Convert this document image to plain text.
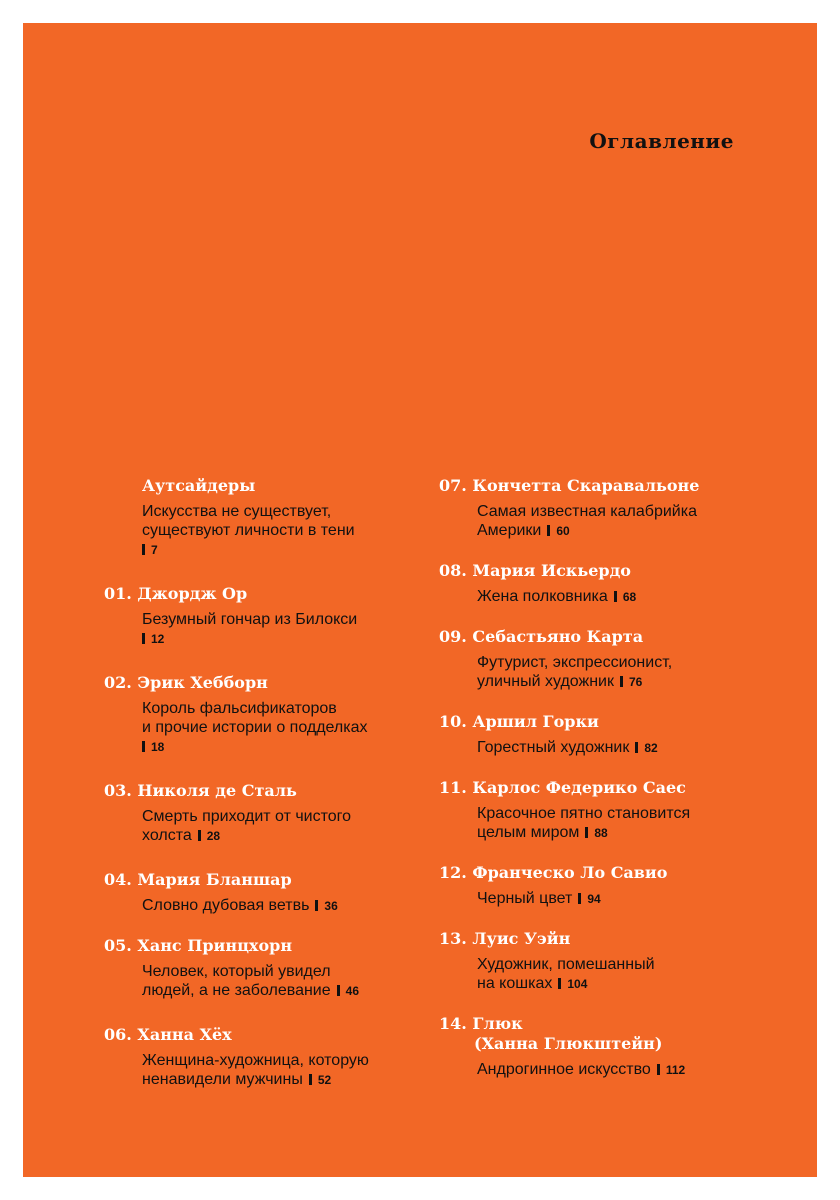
Оглавление
Аутсайдеры
Искусства не существует,
существуют личности в тени
7
01. Джордж Ор
Безумный гончар из Билокси
12
02. Эрик Хебборн
Король фальсификаторов
и прочие истории о подделках
18
03. Николя де Сталь
Смерть приходит от чистого
холста 28
04. Мария Бланшар
Словно дубовая ветвь 36
05. Ханс Принцхорн
Человек, который увидел
людей, а не заболевание 46
06. Ханна Хёх
Женщина-художница, которую
ненавидели мужчины 52
07. Кончетта Скаравальоне
Самая известная калабрийка
Америки 60
08. Мария Искьердо
Жена полковника 68
09. Себастьяно Карта
Футурист, экспрессионист,
уличный художник 76
10. Аршил Горки
Горестный художник 82
11. Карлос Федерико Саес
Красочное пятно становится
целым миром 88
12. Франческо Ло Савио
Черный цвет 94
13. Луис Уэйн
Художник, помешанный
на кошках 104
14. Глюк
(Ханна Глюкштейн)
Андрогинное искусство 112
